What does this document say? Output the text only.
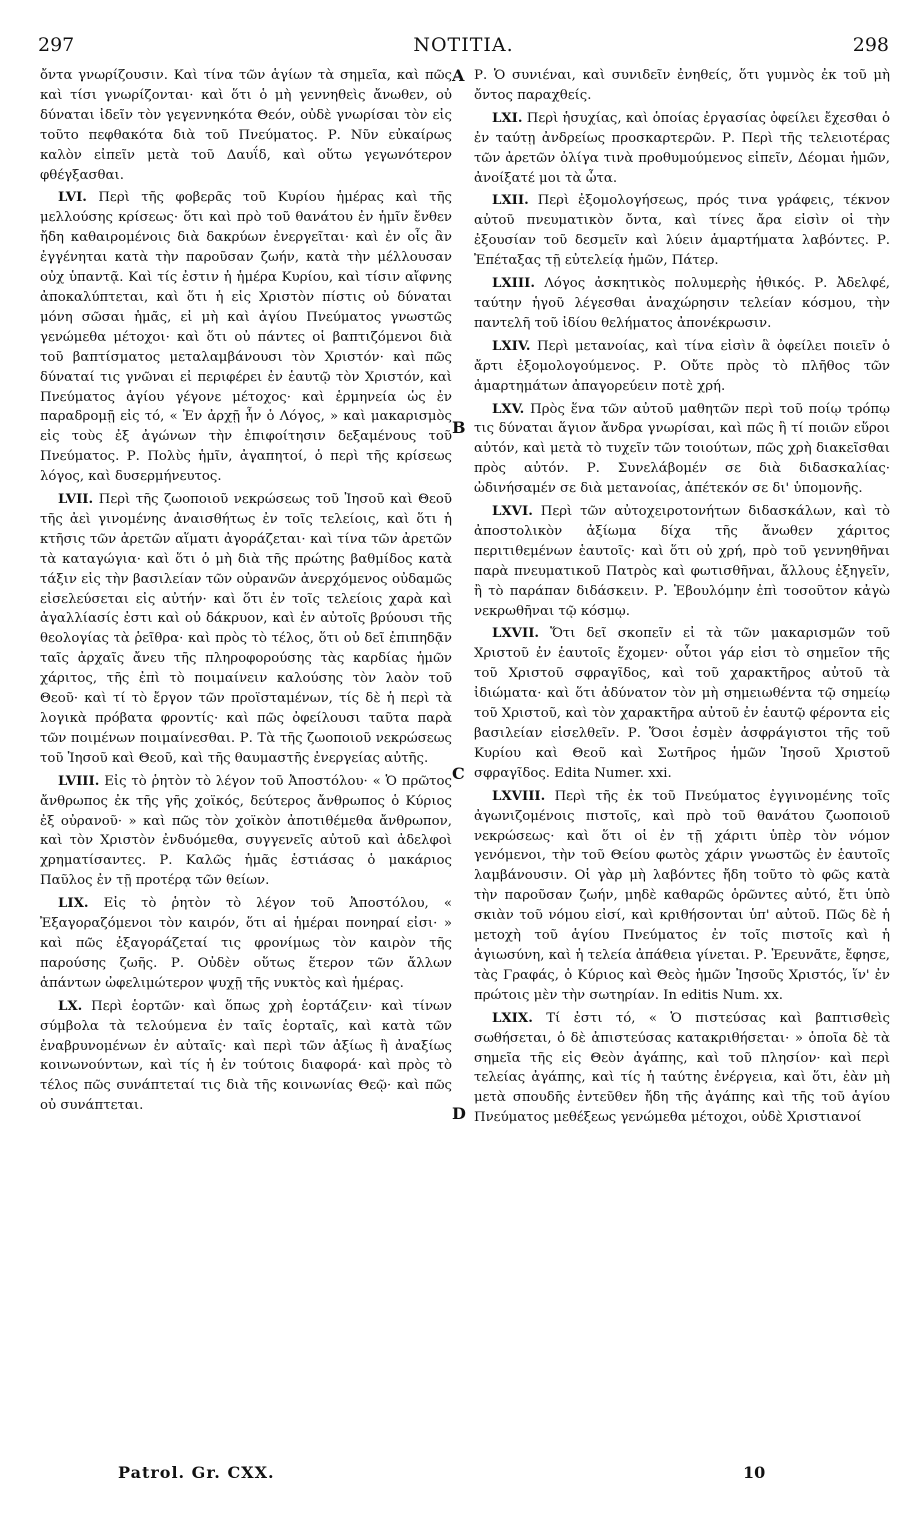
297	NOTITIA.	298

ὄντα γνωρίζουσιν. Καὶ τίνα τῶν ἁγίων τὰ σημεῖα, καὶ πῶς καὶ τίσι γνωρίζονται· καὶ ὅτι ὁ μὴ γεννηθεὶς ἄνωθεν, οὐ δύναται ἰδεῖν τὸν γεγεννηκότα Θεόν, οὐδὲ γνωρίσαι τὸν εἰς τοῦτο πεφθακότα διὰ τοῦ Πνεύματος. Ρ. Νῦν εὐκαίρως καλὸν εἰπεῖν μετὰ τοῦ Δαυΐδ, καὶ οὕτω γεγωνότερον φθέγξασθαι.

LVI. Περὶ τῆς φοβερᾶς τοῦ Κυρίου ἡμέρας καὶ τῆς μελλούσης κρίσεως· ὅτι καὶ πρὸ τοῦ θανάτου ἐν ἡμῖν ἔνθεν ἤδη καθαιρομένοις διὰ δακρύων ἐνεργεῖται· καὶ ἐν οἷς ἂν ἐγγένηται κατὰ τὴν παροῦσαν ζωήν, κατὰ τὴν μέλλουσαν οὐχ ὑπαντᾷ. Καὶ τίς ἐστιν ἡ ἡμέρα Κυρίου, καὶ τίσιν αἴφνης ἀποκαλύπτεται, καὶ ὅτι ἡ εἰς Χριστὸν πίστις οὐ δύναται μόνη σῶσαι ἡμᾶς, εἰ μὴ καὶ ἁγίου Πνεύματος γνωστῶς γενώμεθα μέτοχοι· καὶ ὅτι οὐ πάντες οἱ βαπτιζόμενοι διὰ τοῦ βαπτίσματος μεταλαμβάνουσι τὸν Χριστόν· καὶ πῶς δύναταί τις γνῶναι εἰ περιφέρει ἐν ἑαυτῷ τὸν Χριστόν, καὶ Πνεύματος ἁγίου γέγονε μέτοχος· καὶ ἑρμηνεία ὡς ἐν παραδρομῇ εἰς τό, « Ἐν ἀρχῇ ἦν ὁ Λόγος, » καὶ μακαρισμὸς εἰς τοὺς ἐξ ἀγώνων τὴν ἐπιφοίτησιν δεξαμένους τοῦ Πνεύματος. Ρ. Πολὺς ἡμῖν, ἀγαπητοί, ὁ περὶ τῆς κρίσεως λόγος, καὶ δυσερμήνευτος.

LVII. Περὶ τῆς ζωοποιοῦ νεκρώσεως τοῦ Ἰησοῦ καὶ Θεοῦ τῆς ἀεὶ γινομένης ἀναισθήτως ἐν τοῖς τελείοις, καὶ ὅτι ἡ κτῆσις τῶν ἀρετῶν αἵματι ἀγοράζεται· καὶ τίνα τῶν ἀρετῶν τὰ καταγώγια· καὶ ὅτι ὁ μὴ διὰ τῆς πρώτης βαθμίδος κατὰ τάξιν εἰς τὴν βασιλείαν τῶν οὐρανῶν ἀνερχόμενος οὐδαμῶς εἰσελεύσεται εἰς αὐτήν· καὶ ὅτι ἐν τοῖς τελείοις χαρὰ καὶ ἀγαλλίασίς ἐστι καὶ οὐ δάκρυον, καὶ ἐν αὐτοῖς βρύουσι τῆς θεολογίας τὰ ῥεῖθρα· καὶ πρὸς τὸ τέλος, ὅτι οὐ δεῖ ἐπιπηδᾷν ταῖς ἀρχαῖς ἄνευ τῆς πληροφορούσης τὰς καρδίας ἡμῶν χάριτος, τῆς ἐπὶ τὸ ποιμαίνειν καλούσης τὸν λαὸν τοῦ Θεοῦ· καὶ τί τὸ ἔργον τῶν προϊσταμένων, τίς δὲ ἡ περὶ τὰ λογικὰ πρόβατα φροντίς· καὶ πῶς ὀφείλουσι ταῦτα παρὰ τῶν ποιμένων ποιμαίνεσθαι. Ρ. Τὰ τῆς ζωοποιοῦ νεκρώσεως τοῦ Ἰησοῦ καὶ Θεοῦ, καὶ τῆς θαυμαστῆς ἐνεργείας αὐτῆς.

LVIII. Εἰς τὸ ῥητὸν τὸ λέγον τοῦ Ἀποστόλου· « Ὁ πρῶτος ἄνθρωπος ἐκ τῆς γῆς χοϊκός, δεύτερος ἄνθρωπος ὁ Κύριος ἐξ οὐρανοῦ· » καὶ πῶς τὸν χοϊκὸν ἀποτιθέμεθα ἄνθρωπον, καὶ τὸν Χριστὸν ἐνδυόμεθα, συγγενεῖς αὐτοῦ καὶ ἀδελφοὶ χρηματίσαντες. Ρ. Καλῶς ἡμᾶς ἑστιάσας ὁ μακάριος Παῦλος ἐν τῇ προτέρᾳ τῶν θείων.

LIX. Εἰς τὸ ῥητὸν τὸ λέγον τοῦ Ἀποστόλου, « Ἐξαγοραζόμενοι τὸν καιρόν, ὅτι αἱ ἡμέραι πονηραί εἰσι· » καὶ πῶς ἐξαγοράζεταί τις φρονίμως τὸν καιρὸν τῆς παρούσης ζωῆς. Ρ. Οὐδὲν οὕτως ἕτερον τῶν ἄλλων ἁπάντων ὠφελιμώτερον ψυχῇ τῆς νυκτὸς καὶ ἡμέρας.

LX. Περὶ ἑορτῶν· καὶ ὅπως χρὴ ἑορτάζειν· καὶ τίνων σύμβολα τὰ τελούμενα ἐν ταῖς ἑορταῖς, καὶ κατὰ τῶν ἐναβρυνομένων ἐν αὐταῖς· καὶ περὶ τῶν ἀξίως ἢ ἀναξίως κοινωνούντων, καὶ τίς ἡ ἐν τούτοις διαφορά· καὶ πρὸς τὸ τέλος πῶς συνάπτεταί τις διὰ τῆς κοινωνίας Θεῷ· καὶ πῶς οὐ συνάπτεται.

Ρ. Ὁ συνιέναι, καὶ συνιδεῖν ἐνηθείς, ὅτι γυμνὸς ἐκ τοῦ μὴ ὄντος παραχθείς.

LXI. Περὶ ἡσυχίας, καὶ ὁποίας ἐργασίας ὀφείλει ἔχεσθαι ὁ ἐν ταύτῃ ἀνδρείως προσκαρτερῶν. Ρ. Περὶ τῆς τελειοτέρας τῶν ἀρετῶν ὀλίγα τινὰ προθυμούμενος εἰπεῖν, Δέομαι ἡμῶν, ἀνοίξατέ μοι τὰ ὦτα.

LXII. Περὶ ἐξομολογήσεως, πρός τινα γράφεις, τέκνον αὐτοῦ πνευματικὸν ὄντα, καὶ τίνες ἄρα εἰσὶν οἱ τὴν ἐξουσίαν τοῦ δεσμεῖν καὶ λύειν ἁμαρτήματα λαβόντες. Ρ. Ἐπέταξας τῇ εὐτελείᾳ ἡμῶν, Πάτερ.

LXIII. Λόγος ἀσκητικὸς πολυμερὴς ἠθικός. Ρ. Ἀδελφέ, ταύτην ἡγοῦ λέγεσθαι ἀναχώρησιν τελείαν κόσμου, τὴν παντελῆ τοῦ ἰδίου θελήματος ἀπονέκρωσιν.

LXIV. Περὶ μετανοίας, καὶ τίνα εἰσὶν ἃ ὀφείλει ποιεῖν ὁ ἄρτι ἐξομολογούμενος. Ρ. Οὔτε πρὸς τὸ πλῆθος τῶν ἁμαρτημάτων ἀπαγορεύειν ποτὲ χρή.

LXV. Πρὸς ἕνα τῶν αὐτοῦ μαθητῶν περὶ τοῦ ποίῳ τρόπῳ τις δύναται ἅγιον ἄνδρα γνωρίσαι, καὶ πῶς ἢ τί ποιῶν εὕροι αὐτόν, καὶ μετὰ τὸ τυχεῖν τῶν τοιούτων, πῶς χρὴ διακεῖσθαι πρὸς αὐτόν. Ρ. Συνελάβομέν σε διὰ διδασκαλίας· ὠδινήσαμέν σε διὰ μετανοίας, ἀπέτεκόν σε δι' ὑπομονῆς.

LXVI. Περὶ τῶν αὐτοχειροτονήτων διδασκάλων, καὶ τὸ ἀποστολικὸν ἀξίωμα δίχα τῆς ἄνωθεν χάριτος περιτιθεμένων ἑαυτοῖς· καὶ ὅτι οὐ χρή, πρὸ τοῦ γεννηθῆναι παρὰ πνευματικοῦ Πατρὸς καὶ φωτισθῆναι, ἄλλους ἐξηγεῖν, ἢ τὸ παράπαν διδάσκειν. Ρ. Ἐβουλόμην ἐπὶ τοσοῦτον κἀγὼ νεκρωθῆναι τῷ κόσμῳ.

LXVII. Ὅτι δεῖ σκοπεῖν εἰ τὰ τῶν μακαρισμῶν τοῦ Χριστοῦ ἐν ἑαυτοῖς ἔχομεν· οὗτοι γάρ εἰσι τὸ σημεῖον τῆς τοῦ Χριστοῦ σφραγῖδος, καὶ τοῦ χαρακτῆρος αὐτοῦ τὰ ἰδιώματα· καὶ ὅτι ἀδύνατον τὸν μὴ σημειωθέντα τῷ σημείῳ τοῦ Χριστοῦ, καὶ τὸν χαρακτῆρα αὐτοῦ ἐν ἑαυτῷ φέροντα εἰς βασιλείαν εἰσελθεῖν. Ρ. Ὅσοι ἐσμὲν ἀσφράγιστοι τῆς τοῦ Κυρίου καὶ Θεοῦ καὶ Σωτῆρος ἡμῶν Ἰησοῦ Χριστοῦ σφραγῖδος. Edita Numer. xxi.

LXVIII. Περὶ τῆς ἐκ τοῦ Πνεύματος ἐγγινομένης τοῖς ἀγωνιζομένοις πιστοῖς, καὶ πρὸ τοῦ θανάτου ζωοποιοῦ νεκρώσεως· καὶ ὅτι οἱ ἐν τῇ χάριτι ὑπὲρ τὸν νόμον γενόμενοι, τὴν τοῦ Θείου φωτὸς χάριν γνωστῶς ἐν ἑαυτοῖς λαμβάνουσιν. Οἱ γὰρ μὴ λαβόντες ἤδη τοῦτο τὸ φῶς κατὰ τὴν παροῦσαν ζωήν, μηδὲ καθαρῶς ὁρῶντες αὐτό, ἔτι ὑπὸ σκιὰν τοῦ νόμου εἰσί, καὶ κριθήσονται ὑπ' αὐτοῦ. Πῶς δὲ ἡ μετοχὴ τοῦ ἁγίου Πνεύματος ἐν τοῖς πιστοῖς καὶ ἡ ἁγιωσύνη, καὶ ἡ τελεία ἀπάθεια γίνεται. Ρ. Ἐρευνᾶτε, ἔφησε, τὰς Γραφάς, ὁ Κύριος καὶ Θεὸς ἡμῶν Ἰησοῦς Χριστός, ἵν' ἐν πρώτοις μὲν τὴν σωτηρίαν. In editis Num. xx.

LXIX. Τί ἐστι τό, « Ὁ πιστεύσας καὶ βαπτισθεὶς σωθήσεται, ὁ δὲ ἀπιστεύσας κατακριθήσεται· » ὁποῖα δὲ τὰ σημεῖα τῆς εἰς Θεὸν ἀγάπης, καὶ τοῦ πλησίον· καὶ περὶ τελείας ἀγάπης, καὶ τίς ἡ ταύτης ἐνέργεια, καὶ ὅτι, ἐὰν μὴ μετὰ σπουδῆς ἐντεῦθεν ἤδη τῆς ἀγάπης καὶ τῆς τοῦ ἁγίου Πνεύματος μεθέξεως γενώμεθα μέτοχοι, οὐδὲ Χριστιανοί

A
B
C
D
Patrol. Gr. CXX.	10
